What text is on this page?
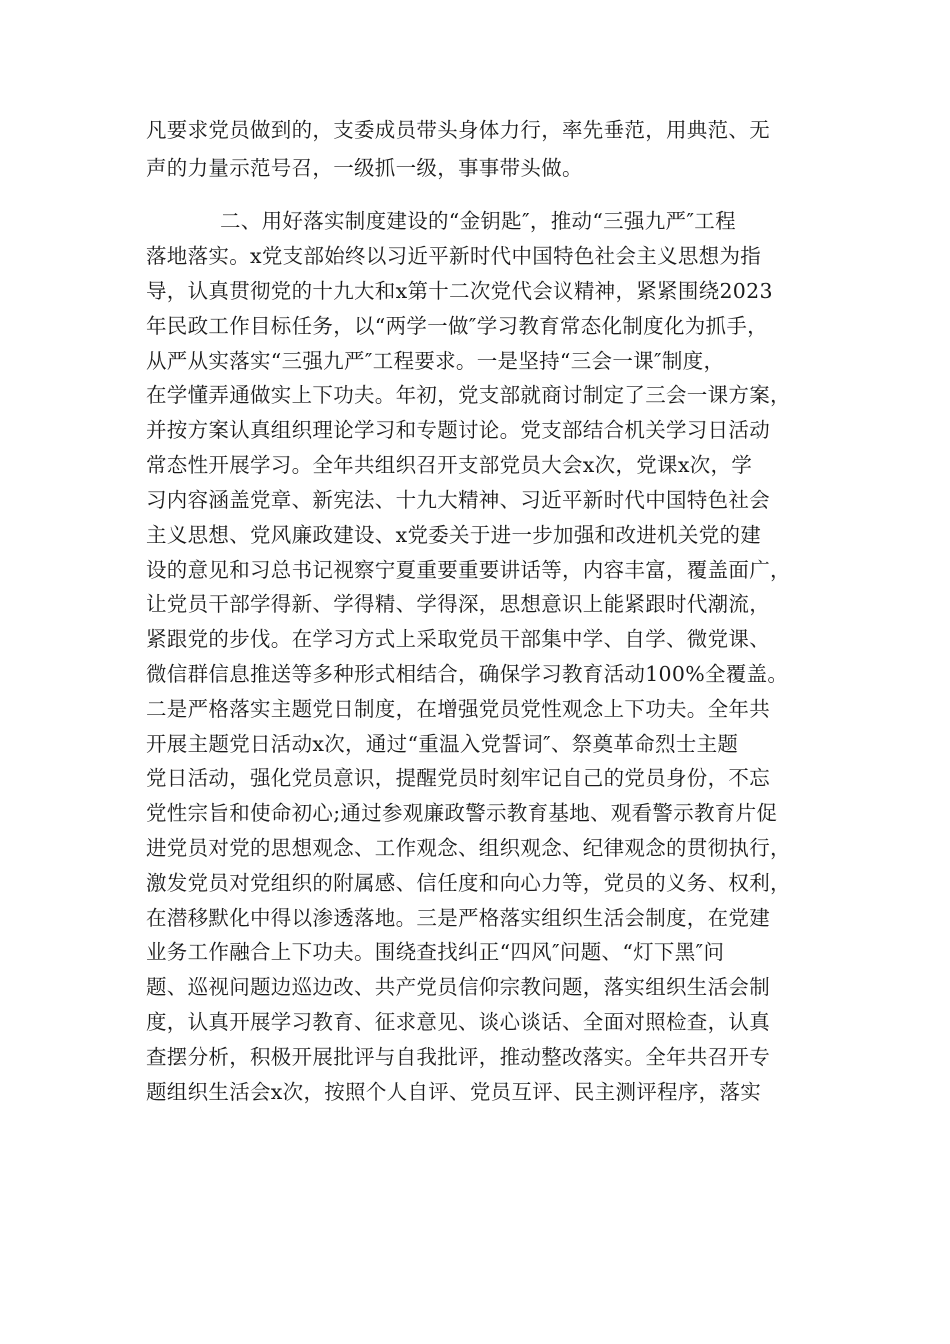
凡要求党员做到的，支委成员带头身体力行，率先垂范，用典范、无
声的力量示范号召，一级抓一级，事事带头做。
二、用好落实制度建设的“金钥匙″，推动“三强九严″工程
落地落实。x党支部始终以习近平新时代中国特色社会主义思想为指
导，认真贯彻党的十九大和x第十二次党代会议精神，紧紧围绕2023
年民政工作目标任务，以“两学一做″学习教育常态化制度化为抓手，
从严从实落实“三强九严″工程要求。一是坚持“三会一课″制度，
在学懂弄通做实上下功夫。年初，党支部就商讨制定了三会一课方案，
并按方案认真组织理论学习和专题讨论。党支部结合机关学习日活动
常态性开展学习。全年共组织召开支部党员大会x次，党课x次，学
习内容涵盖党章、新宪法、十九大精神、习近平新时代中国特色社会
主义思想、党风廉政建设、x党委关于进一步加强和改进机关党的建
设的意见和习总书记视察宁夏重要重要讲话等，内容丰富，覆盖面广，
让党员干部学得新、学得精、学得深，思想意识上能紧跟时代潮流，
紧跟党的步伐。在学习方式上采取党员干部集中学、自学、微党课、
微信群信息推送等多种形式相结合，确保学习教育活动100%全覆盖。
二是严格落实主题党日制度，在增强党员党性观念上下功夫。全年共
开展主题党日活动x次，通过“重温入党誓词″、祭奠革命烈士主题
党日活动，强化党员意识，提醒党员时刻牢记自己的党员身份，不忘
党性宗旨和使命初心;通过参观廉政警示教育基地、观看警示教育片促
进党员对党的思想观念、工作观念、组织观念、纪律观念的贯彻执行，
激发党员对党组织的附属感、信任度和向心力等，党员的义务、权利，
在潜移默化中得以渗透落地。三是严格落实组织生活会制度，在党建
业务工作融合上下功夫。围绕查找纠正“四风″问题、“灯下黑″问
题、巡视问题边巡边改、共产党员信仰宗教问题，落实组织生活会制
度，认真开展学习教育、征求意见、谈心谈话、全面对照检查，认真
查摆分析，积极开展批评与自我批评，推动整改落实。全年共召开专
题组织生活会x次，按照个人自评、党员互评、民主测评程序，落实
